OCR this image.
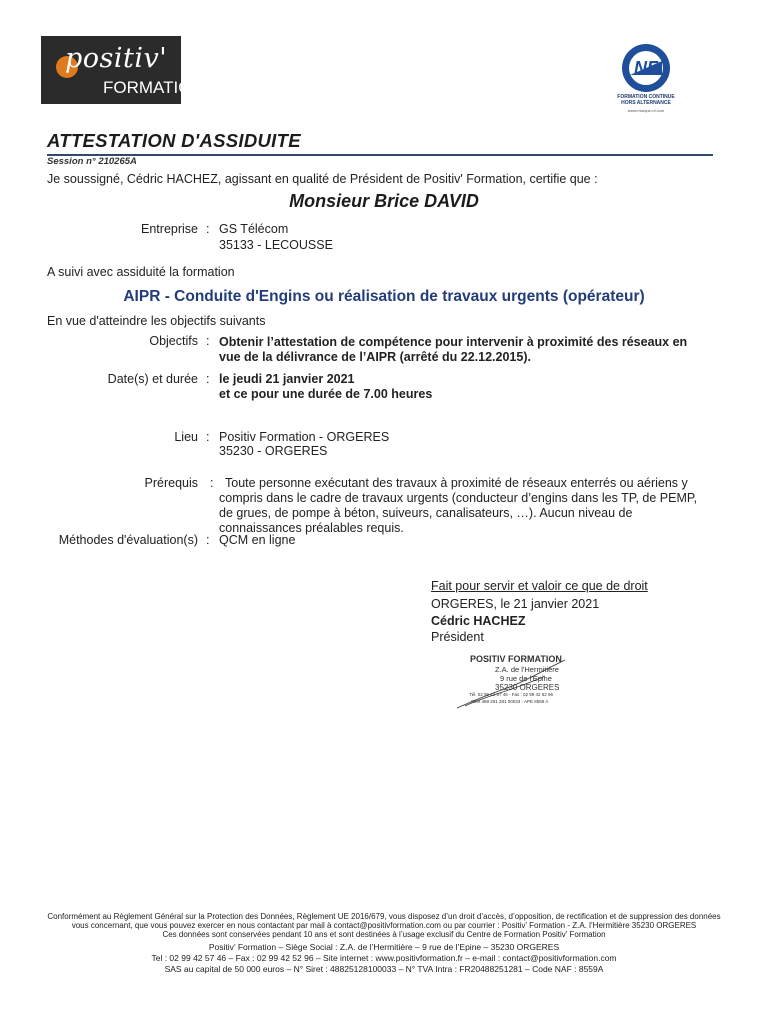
positiv'
FORMATION
NF
FORMATION CONTINUE
HORS ALTERNANCE
www.marque-nf.com
ATTESTATION D'ASSIDUITE
Session n° 210265A
Je soussigné, Cédric HACHEZ, agissant en qualité de Président de Positiv' Formation, certifie que :
Monsieur Brice DAVID
Entreprise : GS Télécom
35133 - LECOUSSE
A suivi avec assiduité la formation
AIPR - Conduite d'Engins ou réalisation de travaux urgents (opérateur)
En vue d'atteindre les objectifs suivants
Objectifs : Obtenir l’attestation de compétence pour intervenir à proximité des réseaux en
vue de la délivrance de l’AIPR (arrêté du 22.12.2015).
Date(s) et durée : le jeudi 21 janvier 2021
et ce pour une durée de 7.00 heures
Lieu : Positiv Formation - ORGERES
35230 - ORGERES
Prérequis : Toute personne exécutant des travaux à proximité de réseaux enterrés ou aériens y
compris dans le cadre de travaux urgents (conducteur d’engins dans les TP, de PEMP,
de grues, de pompe à béton, suiveurs, canalisateurs, …). Aucun niveau de
connaissances préalables requis.
Méthodes d'évaluation(s) : QCM en ligne
Fait pour servir et valoir ce que de droit
ORGERES, le 21 janvier 2021
Cédric HACHEZ
Président
POSITIV FORMATION
Z.A. de l'Hermitière
9 rue de l'Epine
35230 ORGERES
Tél. 02 99 42 57 46 - Fax : 02 99 42 52 96
Siret 488 251 281 00033 - APE 8559 A
Conformément au Règlement Général sur la Protection des Données, Règlement UE 2016/679, vous disposez d’un droit d’accès, d’opposition, de rectification et de suppression des données
vous concernant, que vous pouvez exercer en nous contactant par mail à contact@positivformation.com ou par courrier : Positiv’ Formation - Z.A. l’Hermitière 35230 ORGERES
Ces données sont conservées pendant 10 ans et sont destinées à l’usage exclusif du Centre de Formation Positiv’ Formation
Positiv’ Formation – Siège Social : Z.A. de l’Hermitière – 9 rue de l’Epine – 35230 ORGERES
Tel : 02 99 42 57 46 – Fax : 02 99 42 52 96 – Site internet : www.positivformation.fr – e-mail : contact@positivformation.com
SAS au capital de 50 000 euros – N° Siret : 48825128100033 – N° TVA Intra : FR20488251281 – Code NAF : 8559A
